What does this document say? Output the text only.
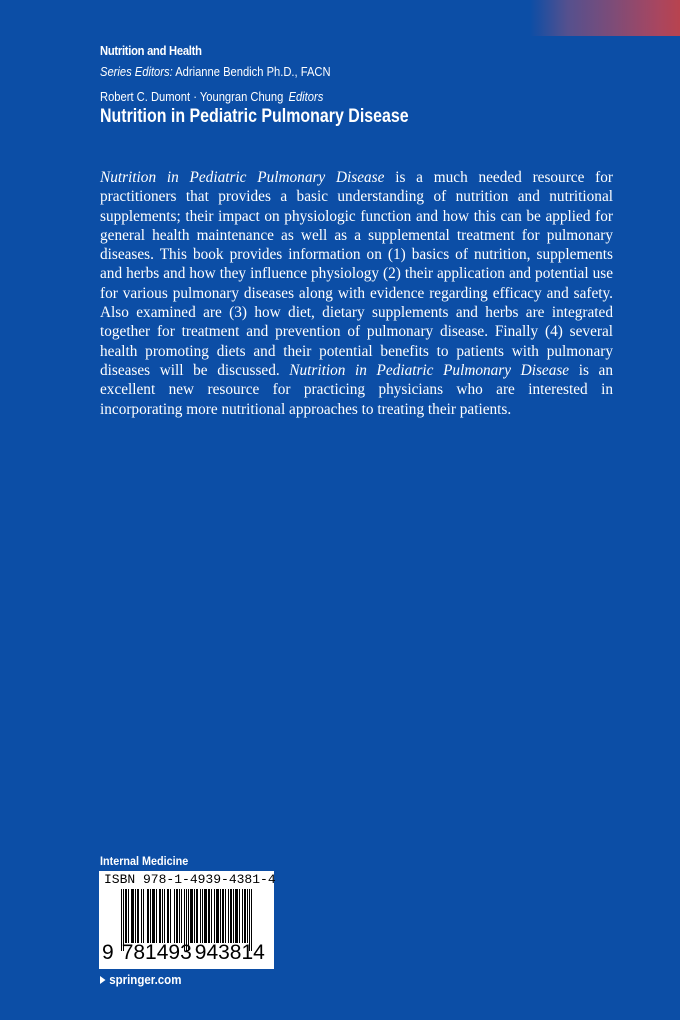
Nutrition and Health
Series Editors: Adrianne Bendich Ph.D., FACN
Robert C. Dumont · Youngran Chung Editors
Nutrition in Pediatric Pulmonary Disease

Nutrition in Pediatric Pulmonary Disease is a much needed resource for practitioners that provides a basic understanding of nutrition and nutritional supplements; their impact on physiologic function and how this can be applied for general health maintenance as well as a supplemental treatment for pulmonary diseases. This book provides information on (1) basics of nutrition, supplements and herbs and how they influence physiology (2) their application and potential use for various pulmonary diseases along with evidence regarding efficacy and safety. Also examined are (3) how diet, dietary supplements and herbs are integrated together for treatment and prevention of pulmonary disease. Finally (4) several health promoting diets and their potential benefits to patients with pulmonary diseases will be discussed. Nutrition in Pediatric Pulmonary Disease is an excellent new resource for practicing physicians who are interested in incorporating more nutritional approaches to treating their patients.

Internal Medicine
ISBN 978-1-4939-4381-4
9 781493 943814
springer.com
